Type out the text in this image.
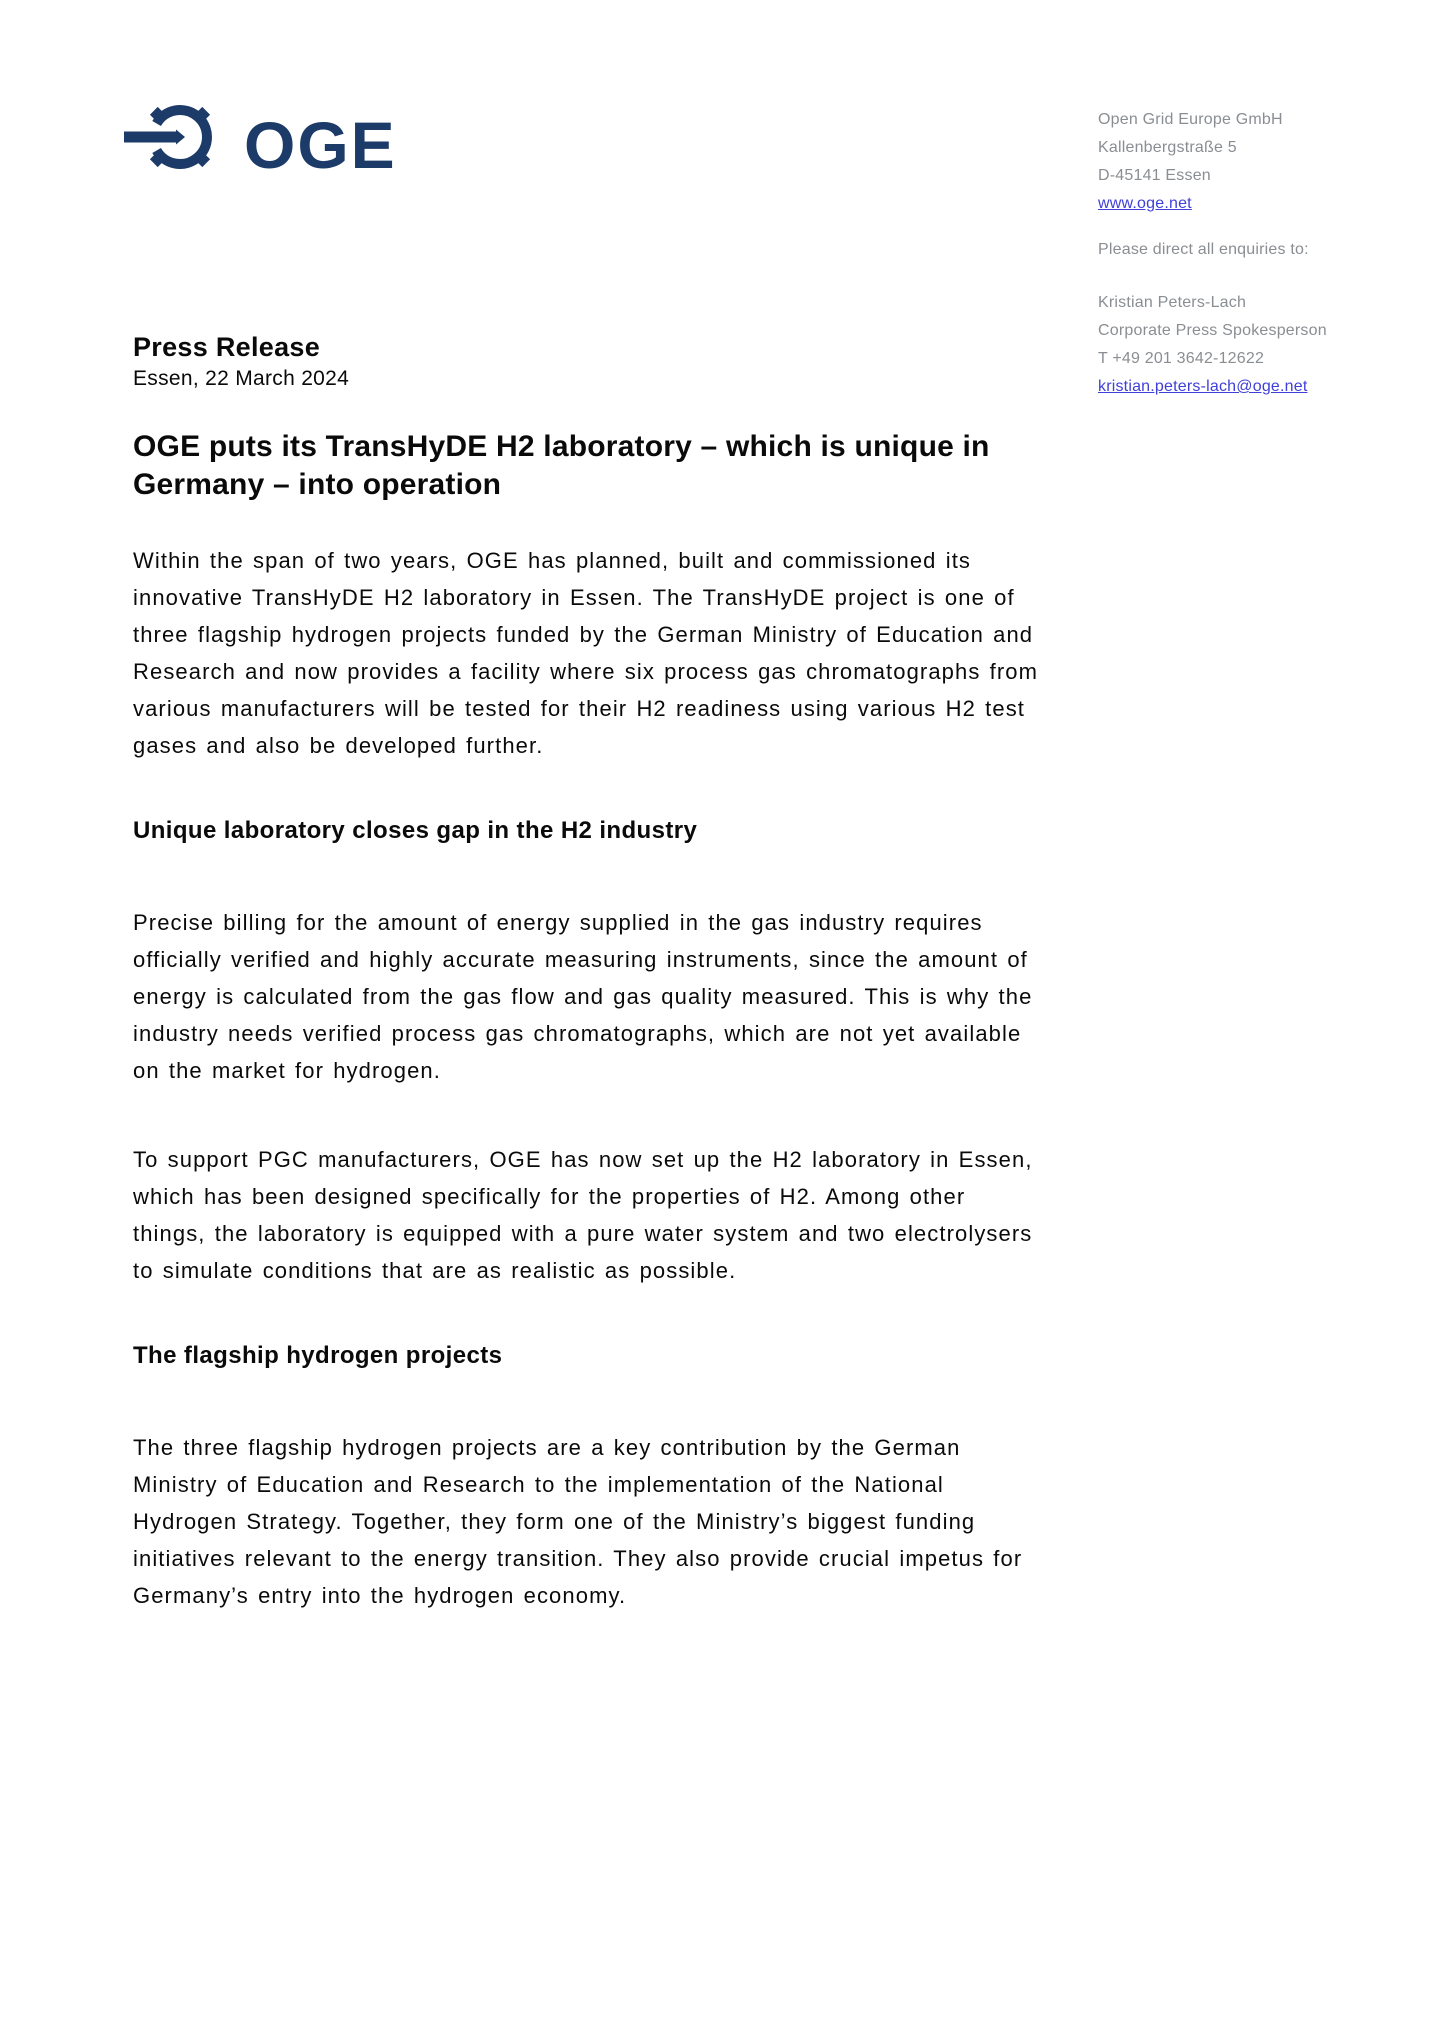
OGE	Open Grid Europe GmbH
Kallenbergstraße 5
D-45141 Essen
www.oge.net
Please direct all enquiries to:
Kristian Peters-Lach
Corporate Press Spokesperson
T +49 201 3642-12622
kristian.peters-lach@oge.net
Press Release
Essen, 22 March 2024
OGE puts its TransHyDE H2 laboratory – which is unique in Germany – into operation

Within the span of two years, OGE has planned, built and commissioned its innovative TransHyDE H2 laboratory in Essen. The TransHyDE project is one of three flagship hydrogen projects funded by the German Ministry of Education and Research and now provides a facility where six process gas chromatographs from various manufacturers will be tested for their H2 readiness using various H2 test gases and also be developed further.

Unique laboratory closes gap in the H2 industry

Precise billing for the amount of energy supplied in the gas industry requires officially verified and highly accurate measuring instruments, since the amount of energy is calculated from the gas flow and gas quality measured. This is why the industry needs verified process gas chromatographs, which are not yet available on the market for hydrogen.

To support PGC manufacturers, OGE has now set up the H2 laboratory in Essen, which has been designed specifically for the properties of H2. Among other things, the laboratory is equipped with a pure water system and two electrolysers to simulate conditions that are as realistic as possible.

The flagship hydrogen projects

The three flagship hydrogen projects are a key contribution by the German Ministry of Education and Research to the implementation of the National Hydrogen Strategy. Together, they form one of the Ministry’s biggest funding initiatives relevant to the energy transition. They also provide crucial impetus for Germany’s entry into the hydrogen economy.
